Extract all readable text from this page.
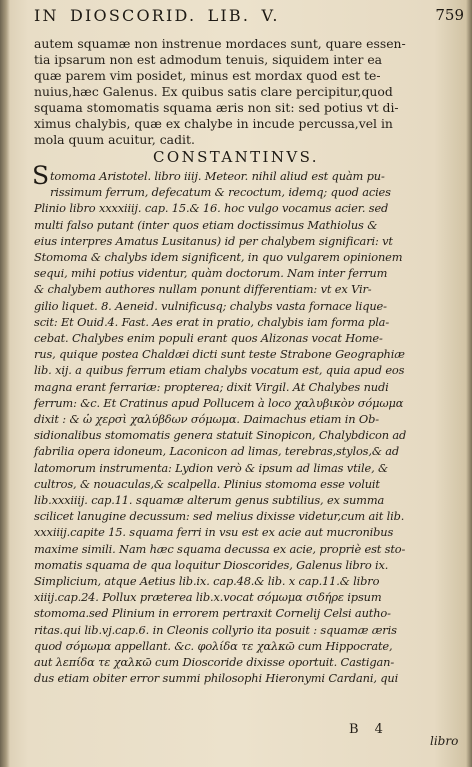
IN DIOSCORID. LIB. V.	759
autem squamæ non instrenue mordaces sunt, quare essen-
tia ipsarum non est admodum tenuis, siquidem inter ea
quæ parem vim posidet, minus est mordax quod est te-
nuius,hæc Galenus. Ex quibus satis clare percipitur,quod
squama stomomatis squama æris non sit: sed potius vt di-
ximus chalybis, quæ ex chalybe in incude percussa,vel in
mola quum acuitur, cadit.
CONSTANTINVS.
S tomoma Aristotel. libro iiij. Meteor. nihil aliud est quàm pu-
rissimum ferrum, defecatum & recoctum, idemq; quod acies
Plinio libro xxxxiiij. cap. 15.& 16. hoc vulgo vocamus acier. sed
multi falso putant (inter quos etiam doctissimus Mathiolus &
eius interpres Amatus Lusitanus) id per chalybem significari: vt
Stomoma & chalybs idem significent, in quo vulgarem opinionem
sequi, mihi potius videntur, quàm doctorum. Nam inter ferrum
& chalybem authores nullam ponunt differentiam: vt ex Vir-
gilio liquet. 8. Aeneid. vulnificusq; chalybs vasta fornace lique-
scit: Et Ouid.4. Fast. Aes erat in pratio, chalybis iam forma pla-
cebat. Chalybes enim populi erant quos Alizonas vocat Home-
rus, quique postea Chaldæi dicti sunt teste Strabone Geographiæ
lib. xij. a quibus ferrum etiam chalybs vocatum est, quia apud eos
magna erant ferrariæ: propterea; dixit Virgil. At Chalybes nudi
ferrum: &c. Et Cratinus apud Pollucem à loco χαλυβικὸν σόμωμα
dixit : & ὡ χερσὶ χαλύβδων σόμωμα. Daimachus etiam in Ob-
sidionalibus stomomatis genera statuit Sinopicon, Chalybdicon ad
fabrilia opera idoneum, Laconicon ad limas, terebras,stylos,& ad
latomorum instrumenta: Lydion verò & ipsum ad limas vtile, &
cultros, & nouaculas,& scalpella. Plinius stomoma esse voluit
lib.xxxiiij. cap.11. squamæ alterum genus subtilius, ex summa
scilicet lanugine decussum: sed melius dixisse videtur,cum ait lib.
xxxiiij.capite 15. squama ferri in vsu est ex acie aut mucronibus
maxime simili. Nam hæc squama decussa ex acie, propriè est sto-
momatis squama de qua loquitur Dioscorides, Galenus libro ix.
Simplicium, atque Aetius lib.ix. cap.48.& lib. x cap.11.& libro
xiiij.cap.24. Pollux præterea lib.x.vocat σόμωμα σιδήρε ipsum
stomoma.sed Plinium in errorem pertraxit Cornelij Celsi autho-
ritas.qui lib.vj.cap.6. in Cleonis collyrio ita posuit : squamæ æris
quod σόμωμα appellant. &c. φολίδα τε χαλκῶ cum Hippocrate,
aut λεπίδα τε χαλκῶ cum Dioscoride dixisse oportuit. Castigan-
dus etiam obiter error summi philosophi Hieronymi Cardani, qui
B 4
libro
